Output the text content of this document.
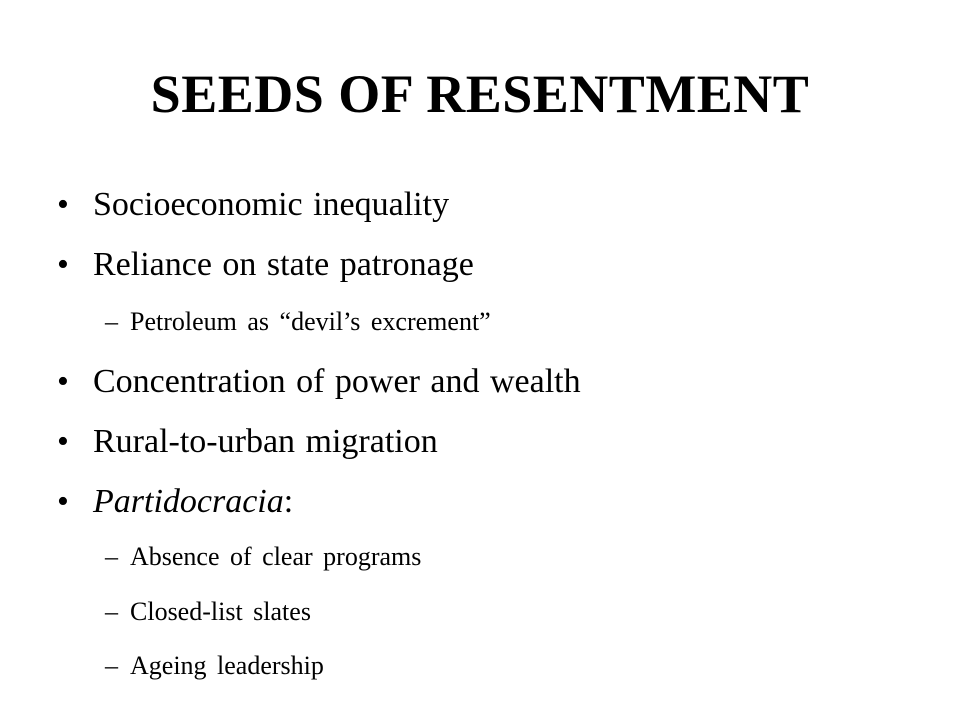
SEEDS OF RESENTMENT
• Socioeconomic inequality
• Reliance on state patronage
– Petroleum as “devil’s excrement”
• Concentration of power and wealth
• Rural-to-urban migration
• Partidocracia:
– Absence of clear programs
– Closed-list slates
– Ageing leadership
